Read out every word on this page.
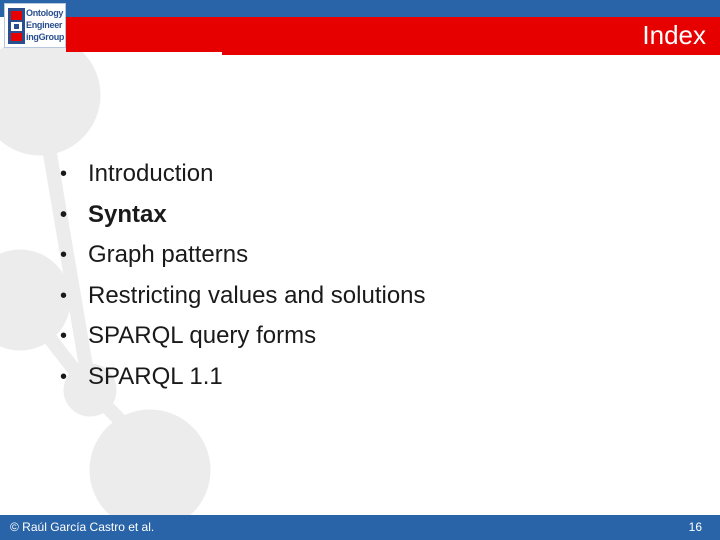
Index
Ontology
Engineer
ingGroup
• Introduction
• Syntax
• Graph patterns
• Restricting values and solutions
• SPARQL query forms
• SPARQL 1.1
© Raúl García Castro et al.	16
